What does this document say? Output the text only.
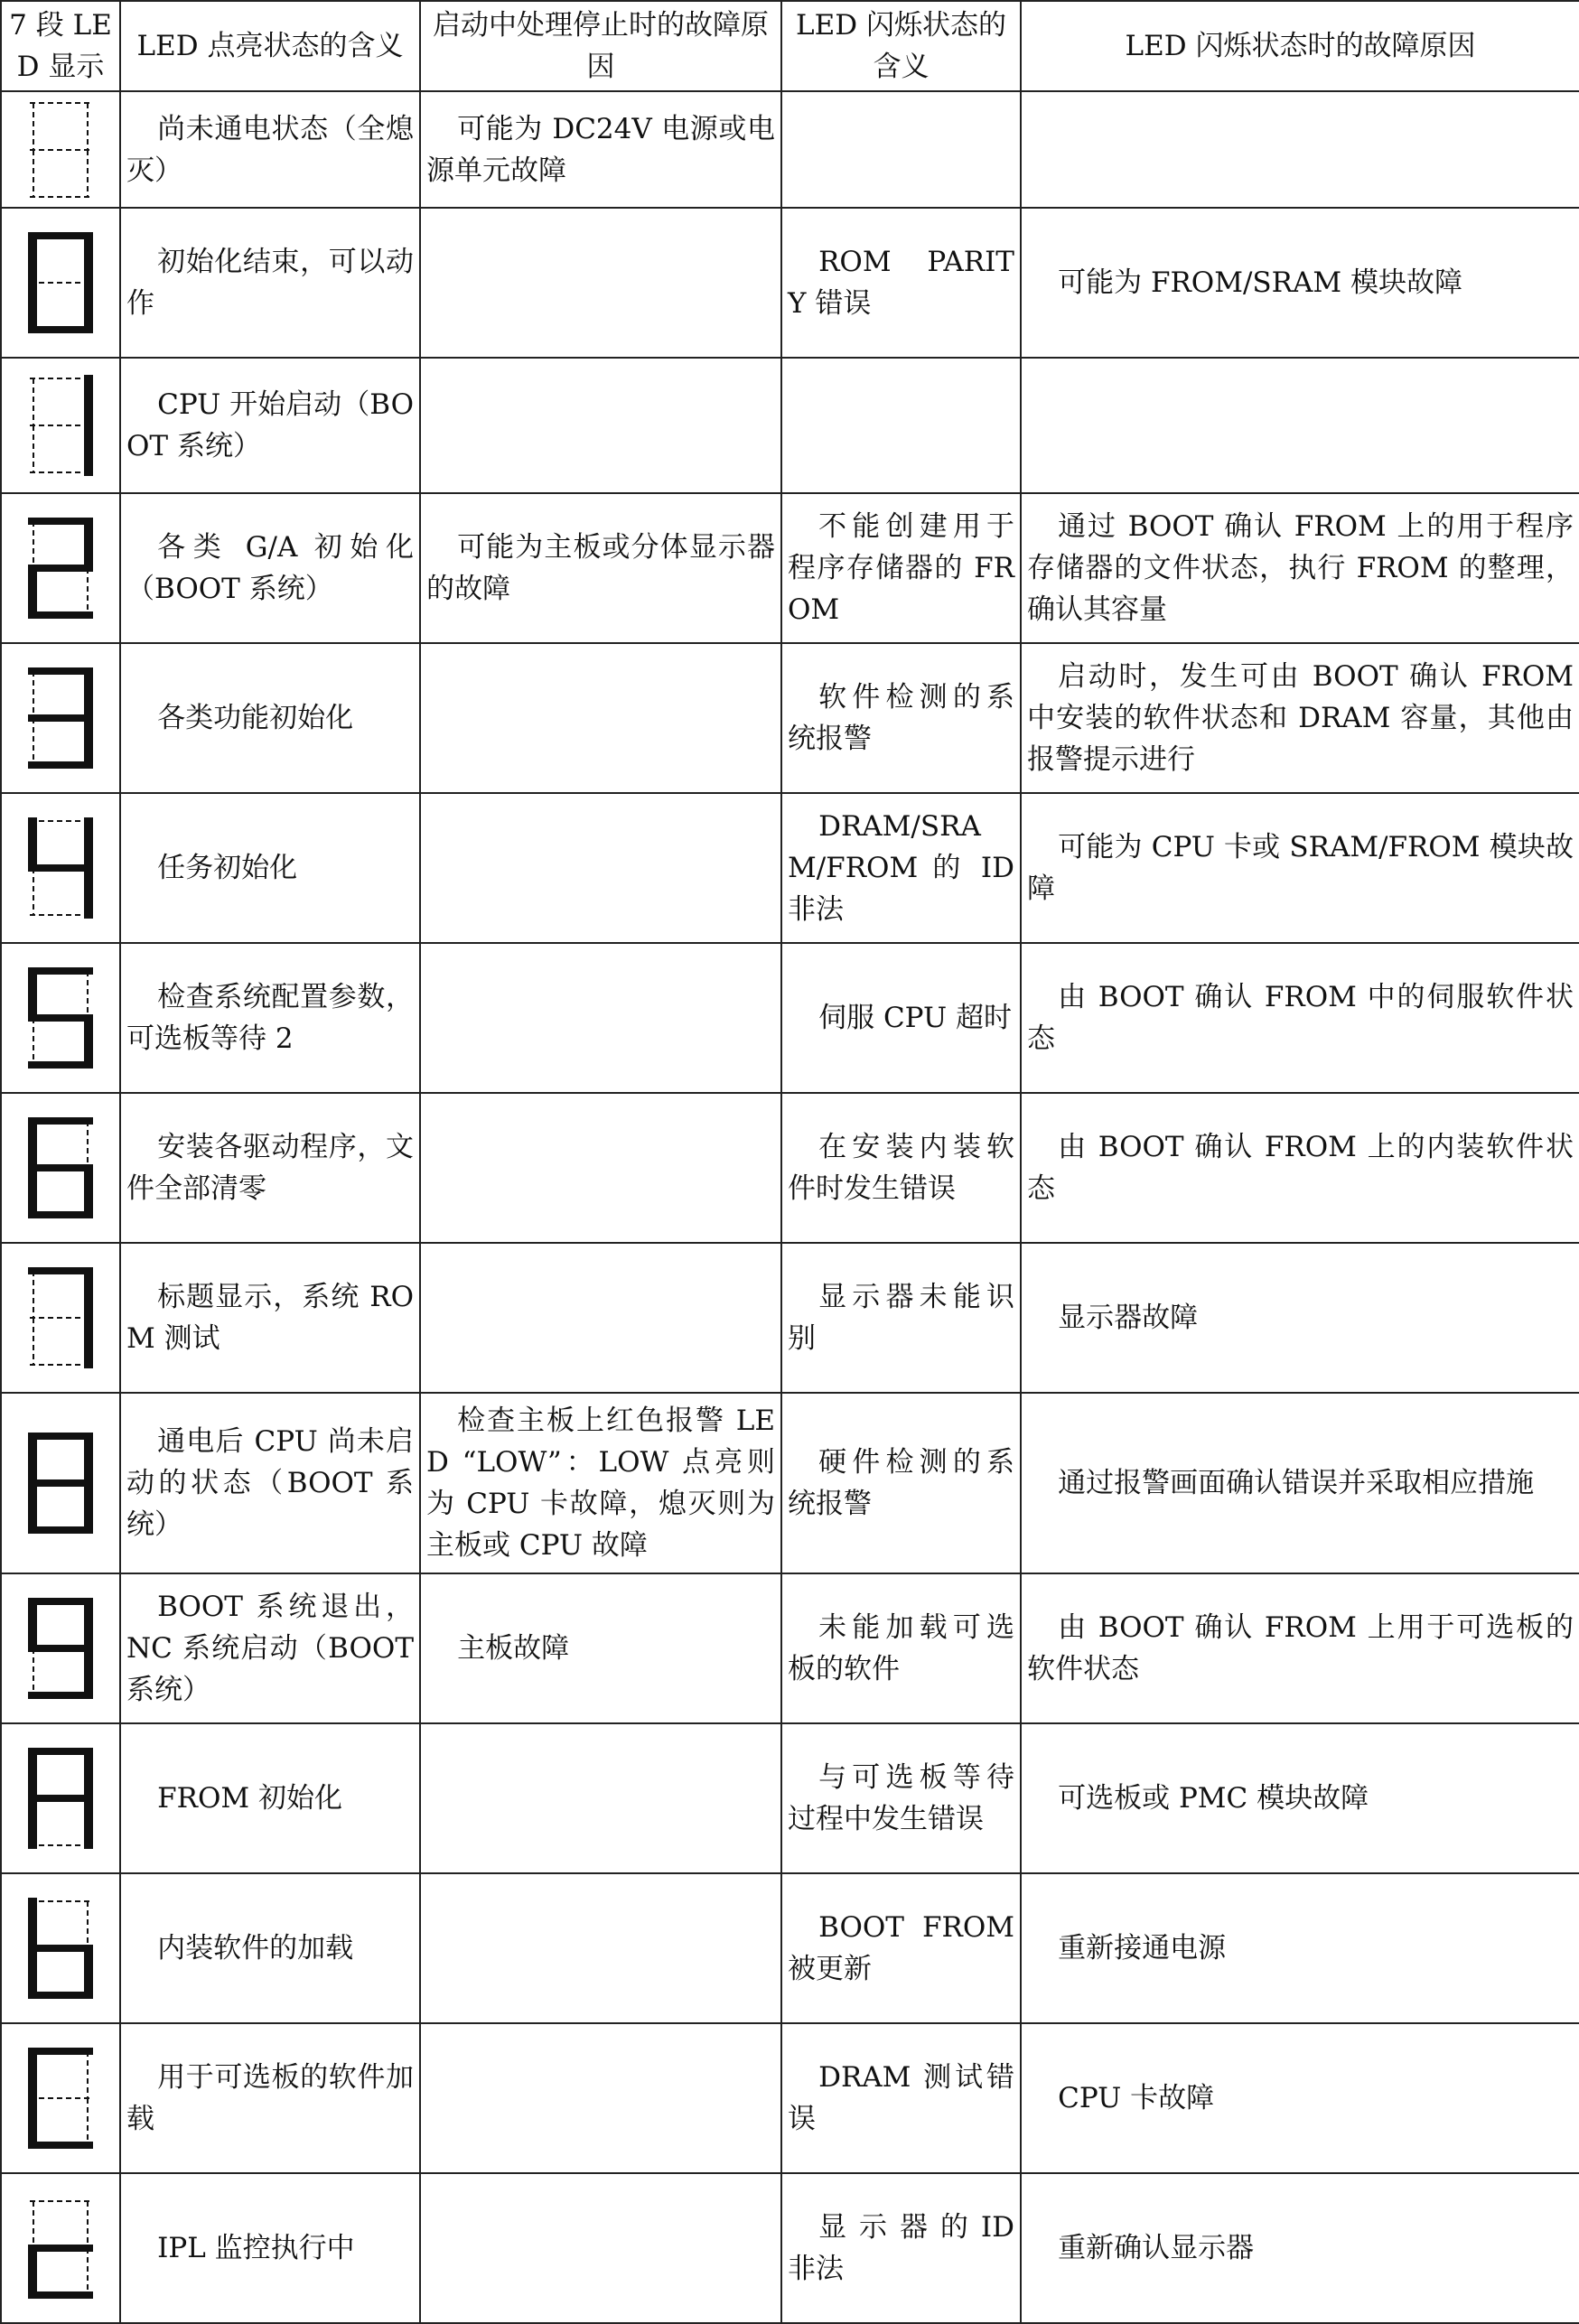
7 段 LED 显示	LED 点亮状态的含义	启动中处理停止时的故障原因	LED 闪烁状态的含义	LED 闪烁状态时的故障原因

	尚未通电状态（全熄灭）	可能为 DC24V 电源或电源单元故障		

	初始化结束，可以动作		ROM　PARITY 错误	可能为 FROM/SRAM 模块故障

	CPU 开始启动（BOOT 系统）			

	各类 G/A 初始化（BOOT 系统）	可能为主板或分体显示器的故障	不能创建用于程序存储器的 FROM	通过 BOOT 确认 FROM 上的用于程序存储器的文件状态，执行 FROM 的整理，确认其容量

	各类功能初始化		软件检测的系统报警	启动时，发生可由 BOOT 确认 FROM 中安装的软件状态和 DRAM 容量，其他由报警提示进行

	任务初始化		DRAM/SRAM/FROM 的 ID 非法	可能为 CPU 卡或 SRAM/FROM 模块故障

	检查系统配置参数，可选板等待 2		伺服 CPU 超时	由 BOOT 确认 FROM 中的伺服软件状态

	安装各驱动程序，文件全部清零		在安装内装软件时发生错误	由 BOOT 确认 FROM 上的内装软件状态

	标题显示，系统 ROM 测试		显示器未能识别	显示器故障

	通电后 CPU 尚未启动的状态（BOOT 系统）	检查主板上红色报警 LED “LOW”：LOW 点亮则为 CPU 卡故障，熄灭则为主板或 CPU 故障	硬件检测的系统报警	通过报警画面确认错误并采取相应措施

	BOOT 系统退出，NC 系统启动（BOOT 系统）	主板故障	未能加载可选板的软件	由 BOOT 确认 FROM 上用于可选板的软件状态

	FROM 初始化		与可选板等待过程中发生错误	可选板或 PMC 模块故障

	内装软件的加载		BOOT FROM 被更新	重新接通电源

	用于可选板的软件加载		DRAM 测试错误	CPU 卡故障

	IPL 监控执行中		显 示 器 的 ID 非法	重新确认显示器
